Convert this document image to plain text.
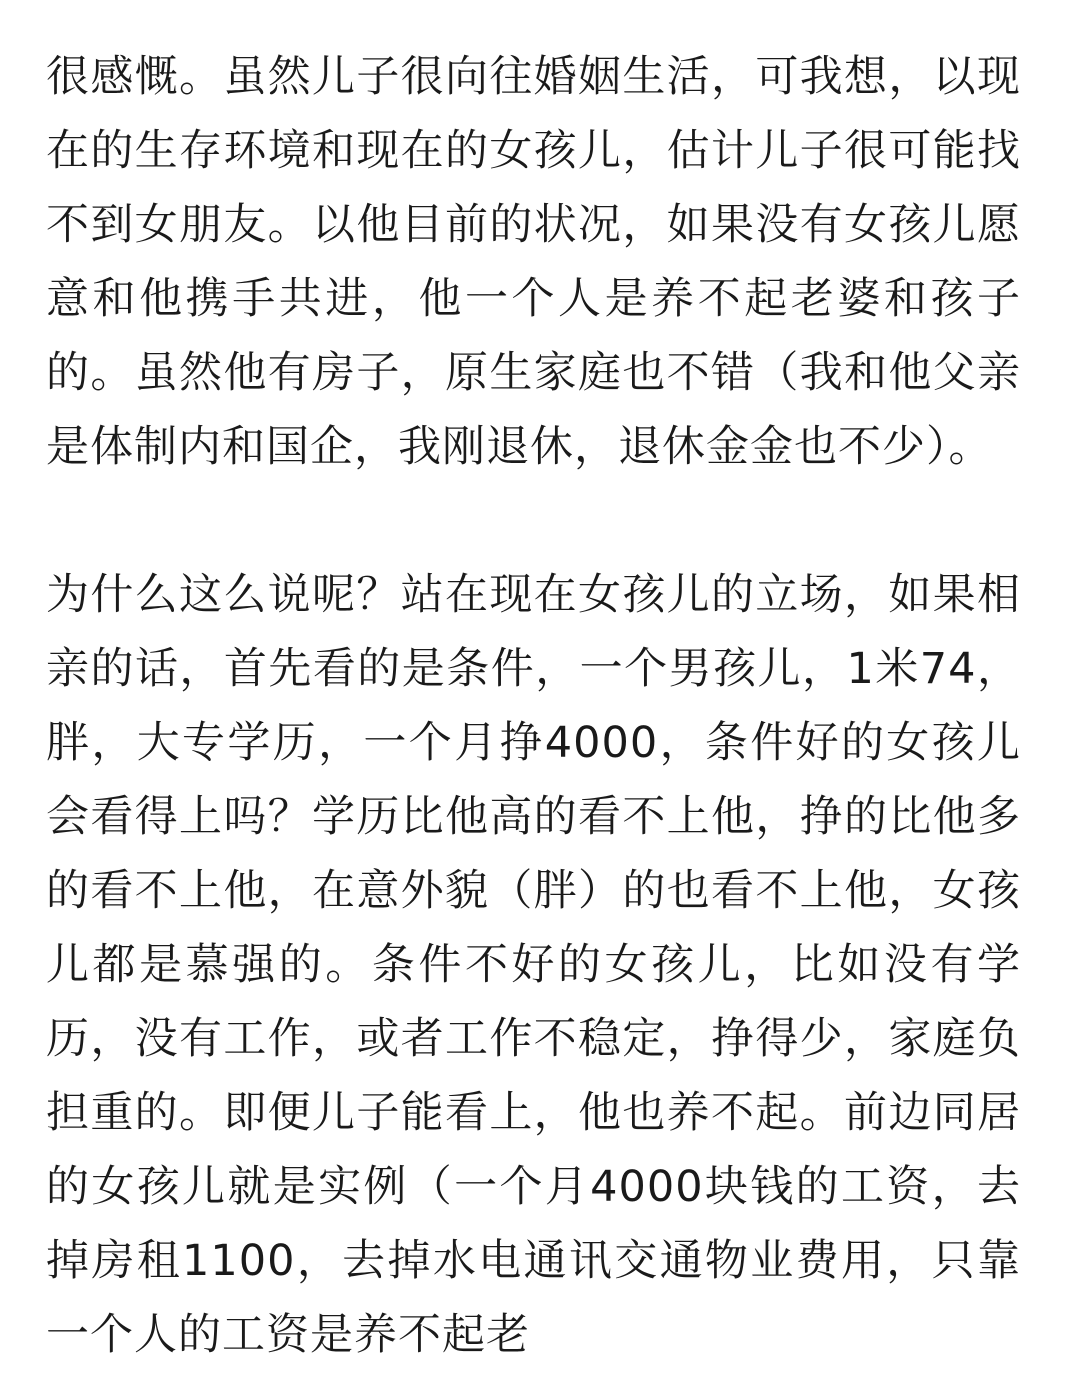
很感慨。虽然儿子很向往婚姻生活，可我想，以现在的生存环境和现在的女孩儿，估计儿子很可能找不到女朋友。以他目前的状况，如果没有女孩儿愿意和他携手共进，他一个人是养不起老婆和孩子的。虽然他有房子，原生家庭也不错（我和他父亲是体制内和国企，我刚退休，退休金金也不少）。

为什么这么说呢？站在现在女孩儿的立场，如果相亲的话，首先看的是条件，一个男孩儿，1米74，胖，大专学历，一个月挣4000，条件好的女孩儿会看得上吗？学历比他高的看不上他，挣的比他多的看不上他，在意外貌（胖）的也看不上他，女孩儿都是慕强的。条件不好的女孩儿，比如没有学历，没有工作，或者工作不稳定，挣得少，家庭负担重的。即便儿子能看上，他也养不起。前边同居的女孩儿就是实例（一个月4000块钱的工资，去掉房租1100，去掉水电通讯交通物业费用，只靠一个人的工资是养不起老
